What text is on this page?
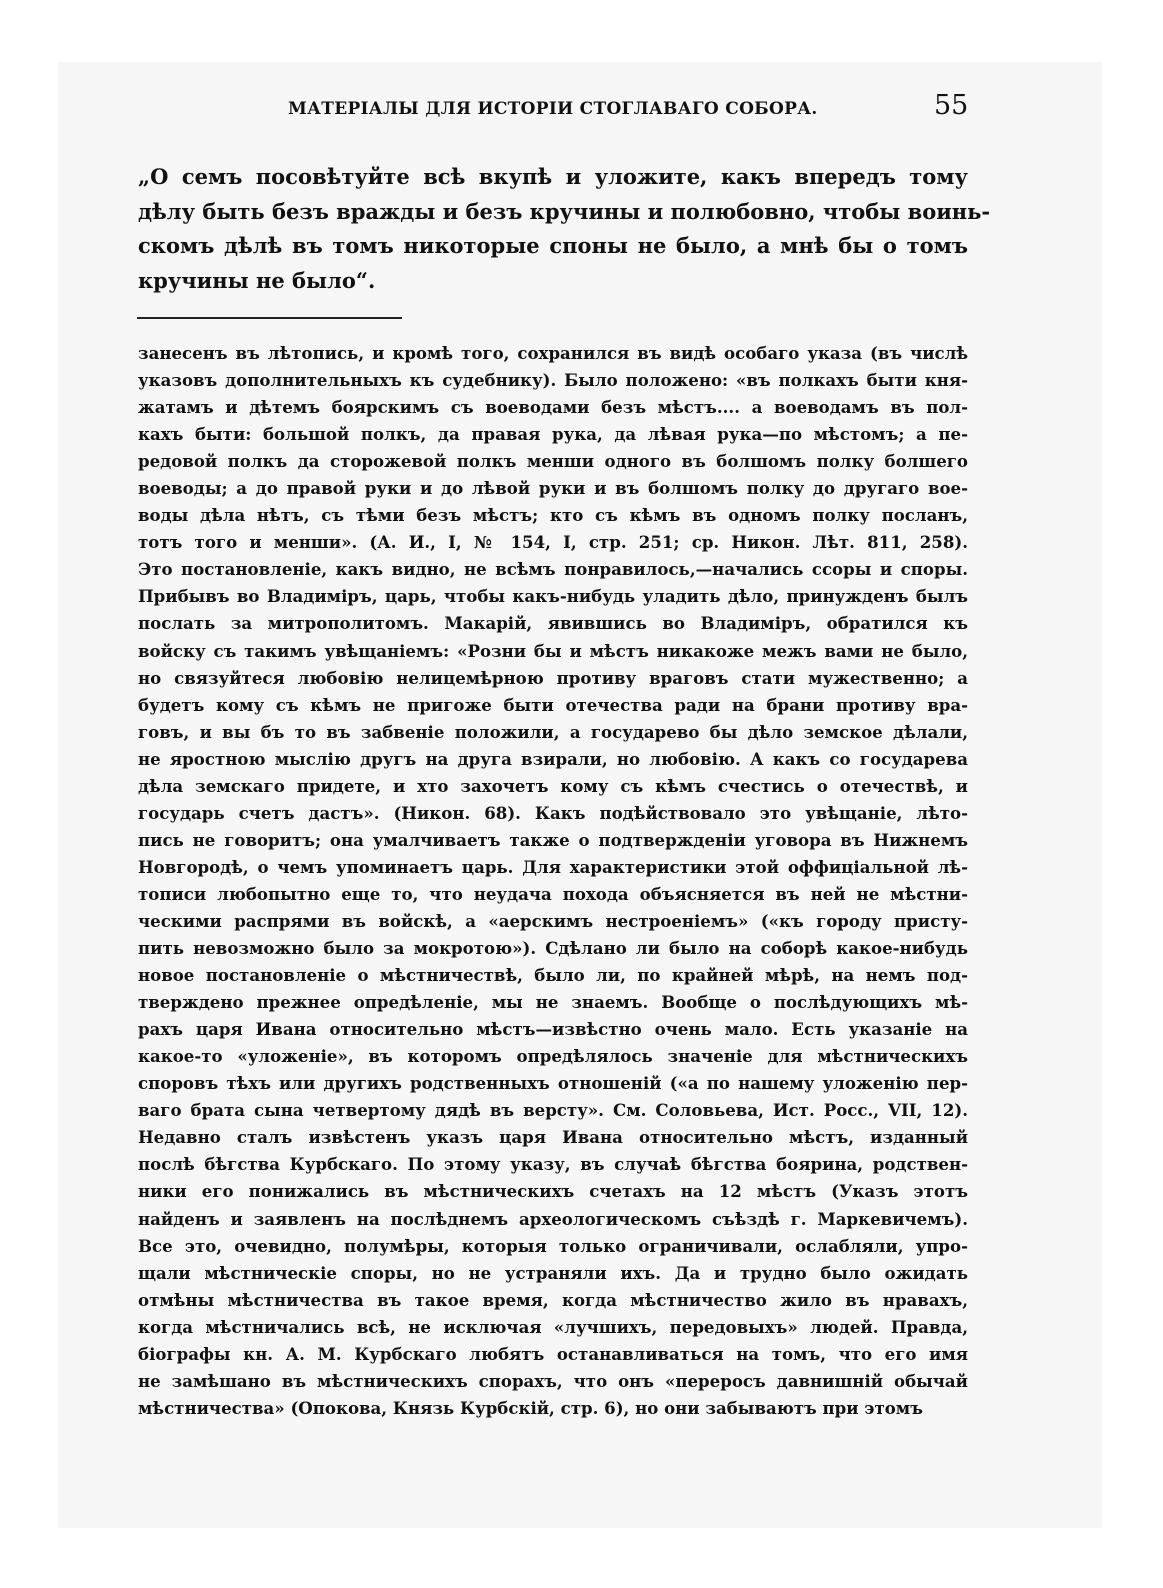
МАТЕРІАЛЫ ДЛЯ ИСТОРІИ СТОГЛАВАГО СОБОРА.	55
„О семъ посовѣтуйте всѣ вкупѣ и уложите, какъ впередъ тому
дѣлу быть безъ вражды и безъ кручины и полюбовно, чтобы воинь-
скомъ дѣлѣ въ томъ никоторые споны не было, а мнѣ бы о томъ
кручины не было“.
занесенъ въ лѣтопись, и кромѣ того, сохранился въ видѣ особаго указа (въ числѣ
указовъ дополнительныхъ къ судебнику). Было положено: «въ полкахъ быти кня-
жатамъ и дѣтемъ боярскимъ съ воеводами безъ мѣстъ.... а воеводамъ въ пол-
кахъ быти: большой полкъ, да правая рука, да лѣвая рука—по мѣстомъ; а пе-
редовой полкъ да сторожевой полкъ менши одного въ болшомъ полку болшего
воеводы; а до правой руки и до лѣвой руки и въ болшомъ полку до другаго вое-
воды дѣла нѣтъ, съ тѣми безъ мѣстъ; кто съ кѣмъ въ одномъ полку посланъ,
тотъ того и менши». (А. И., I, № 154, I, стр. 251; ср. Никон. Лѣт. 811, 258).
Это постановленіе, какъ видно, не всѣмъ понравилось,—начались ссоры и споры.
Прибывъ во Владиміръ, царь, чтобы какъ-нибудь уладить дѣло, принужденъ былъ
послать за митрополитомъ. Макарій, явившись во Владиміръ, обратился къ
войску съ такимъ увѣщаніемъ: «Розни бы и мѣстъ никакоже межъ вами не было,
но связуйтеся любовію нелицемѣрною противу враговъ стати мужественно; а
будетъ кому съ кѣмъ не пригоже быти отечества ради на брани противу вра-
говъ, и вы бъ то въ забвеніе положили, а государево бы дѣло земское дѣлали,
не яростною мыслію другъ на друга взирали, но любовію. А какъ со государева
дѣла земскаго придете, и хто захочетъ кому съ кѣмъ счестись о отечествѣ, и
государь счетъ дастъ». (Никон. 68). Какъ подѣйствовало это увѣщаніе, лѣто-
пись не говоритъ; она умалчиваетъ также о подтвержденіи уговора въ Нижнемъ
Новгородѣ, о чемъ упоминаетъ царь. Для характеристики этой оффиціальной лѣ-
тописи любопытно еще то, что неудача похода объясняется въ ней не мѣстни-
ческими распрями въ войскѣ, а «аерскимъ нестроеніемъ» («къ городу присту-
пить невозможно было за мокротою»). Сдѣлано ли было на соборѣ какое-нибудь
новое постановленіе о мѣстничествѣ, было ли, по крайней мѣрѣ, на немъ под-
тверждено прежнее опредѣленіе, мы не знаемъ. Вообще о послѣдующихъ мѣ-
рахъ царя Ивана относительно мѣстъ—извѣстно очень мало. Есть указаніе на
какое-то «уложеніе», въ которомъ опредѣлялось значеніе для мѣстническихъ
споровъ тѣхъ или другихъ родственныхъ отношеній («а по нашему уложенію пер-
ваго брата сына четвертому дядѣ въ версту». См. Соловьева, Ист. Росс., VII, 12).
Недавно сталъ извѣстенъ указъ царя Ивана относительно мѣстъ, изданный
послѣ бѣгства Курбскаго. По этому указу, въ случаѣ бѣгства боярина, родствен-
ники его понижались въ мѣстническихъ счетахъ на 12 мѣстъ (Указъ этотъ
найденъ и заявленъ на послѣднемъ археологическомъ съѣздѣ г. Маркевичемъ).
Все это, очевидно, полумѣры, которыя только ограничивали, ослабляли, упро-
щали мѣстническіе споры, но не устраняли ихъ. Да и трудно было ожидать
отмѣны мѣстничества въ такое время, когда мѣстничество жило въ нравахъ,
когда мѣстничались всѣ, не исключая «лучшихъ, передовыхъ» людей. Правда,
біографы кн. А. М. Курбскаго любятъ останавливаться на томъ, что его имя
не замѣшано въ мѣстническихъ спорахъ, что онъ «переросъ давнишній обычай
мѣстничества» (Опокова, Князь Курбскій, стр. 6), но они забываютъ при этомъ
